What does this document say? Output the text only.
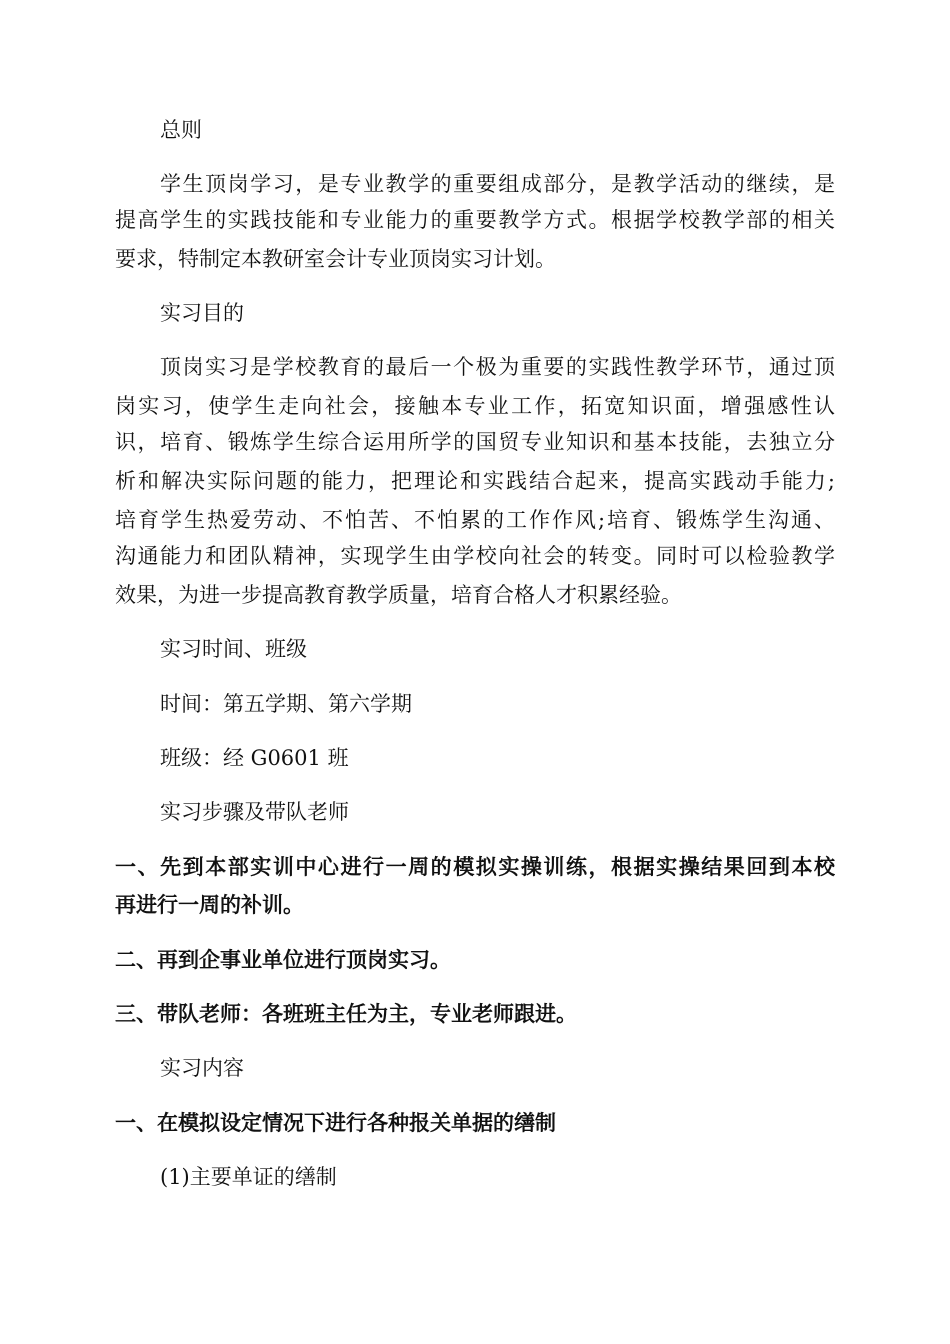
总则
学生顶岗学习，是专业教学的重要组成部分，是教学活动的继续，是
提高学生的实践技能和专业能力的重要教学方式。根据学校教学部的相关
要求，特制定本教研室会计专业顶岗实习计划。
实习目的
顶岗实习是学校教育的最后一个极为重要的实践性教学环节，通过顶
岗实习，使学生走向社会，接触本专业工作，拓宽知识面，增强感性认
识，培育、锻炼学生综合运用所学的国贸专业知识和基本技能，去独立分
析和解决实际问题的能力，把理论和实践结合起来，提高实践动手能力;
培育学生热爱劳动、不怕苦、不怕累的工作作风;培育、锻炼学生沟通、
沟通能力和团队精神，实现学生由学校向社会的转变。同时可以检验教学
效果，为进一步提高教育教学质量，培育合格人才积累经验。
实习时间、班级
时间：第五学期、第六学期
班级：经 G0601 班
实习步骤及带队老师
一、先到本部实训中心进行一周的模拟实操训练，根据实操结果回到本校
再进行一周的补训。
二、再到企事业单位进行顶岗实习。
三、带队老师：各班班主任为主，专业老师跟进。
实习内容
一、在模拟设定情况下进行各种报关单据的缮制
(1)主要单证的缮制
